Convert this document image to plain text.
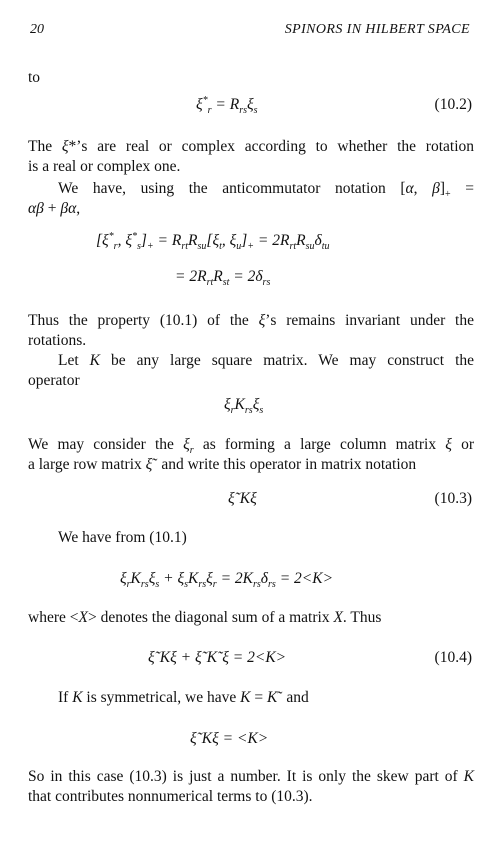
20	SPINORS IN HILBERT SPACE
to
$\xi^*_r = R_{rs}\xi_s$	(10.2)
The ξ*’s are real or complex according to whether the rotation
is a real or complex one.
We have, using the anticommutator notation [α, $\beta]_+$ =
αβ + βα,
[$\xi^*_r$, $\xi^*_s]_+ = R_{rt}R_{su}[\xi_t$, $\xi_u]_+ = 2R_{rt}R_{su}\delta_{tu}$
= $2R_{rt}R_{st} = 2\delta_{rs}$
Thus the property (10.1) of the ξ’s remains invariant under the
rotations.
Let K be any large square matrix. We may construct the
operator
$\xi_rK_{rs}\xi_s$
We may consider the $\xi_r$ as forming a large column matrix ξ or
a large row matrix ξ˜ and write this operator in matrix notation
ξ˜Kξ	(10.3)
We have from (10.1)
$\xi_rK_{rs}\xi_s + \xi_sK_{rs}\xi_r = 2K_{rs}\delta_{rs} = 2<K>$
where <X> denotes the diagonal sum of a matrix X. Thus
ξ˜Kξ + ξ˜K˜ξ = 2<K>	(10.4)
If K is symmetrical, we have K = K˜ and
ξ˜Kξ = <K>
So in this case (10.3) is just a number. It is only the skew part of K
that contributes nonnumerical terms to (10.3).
